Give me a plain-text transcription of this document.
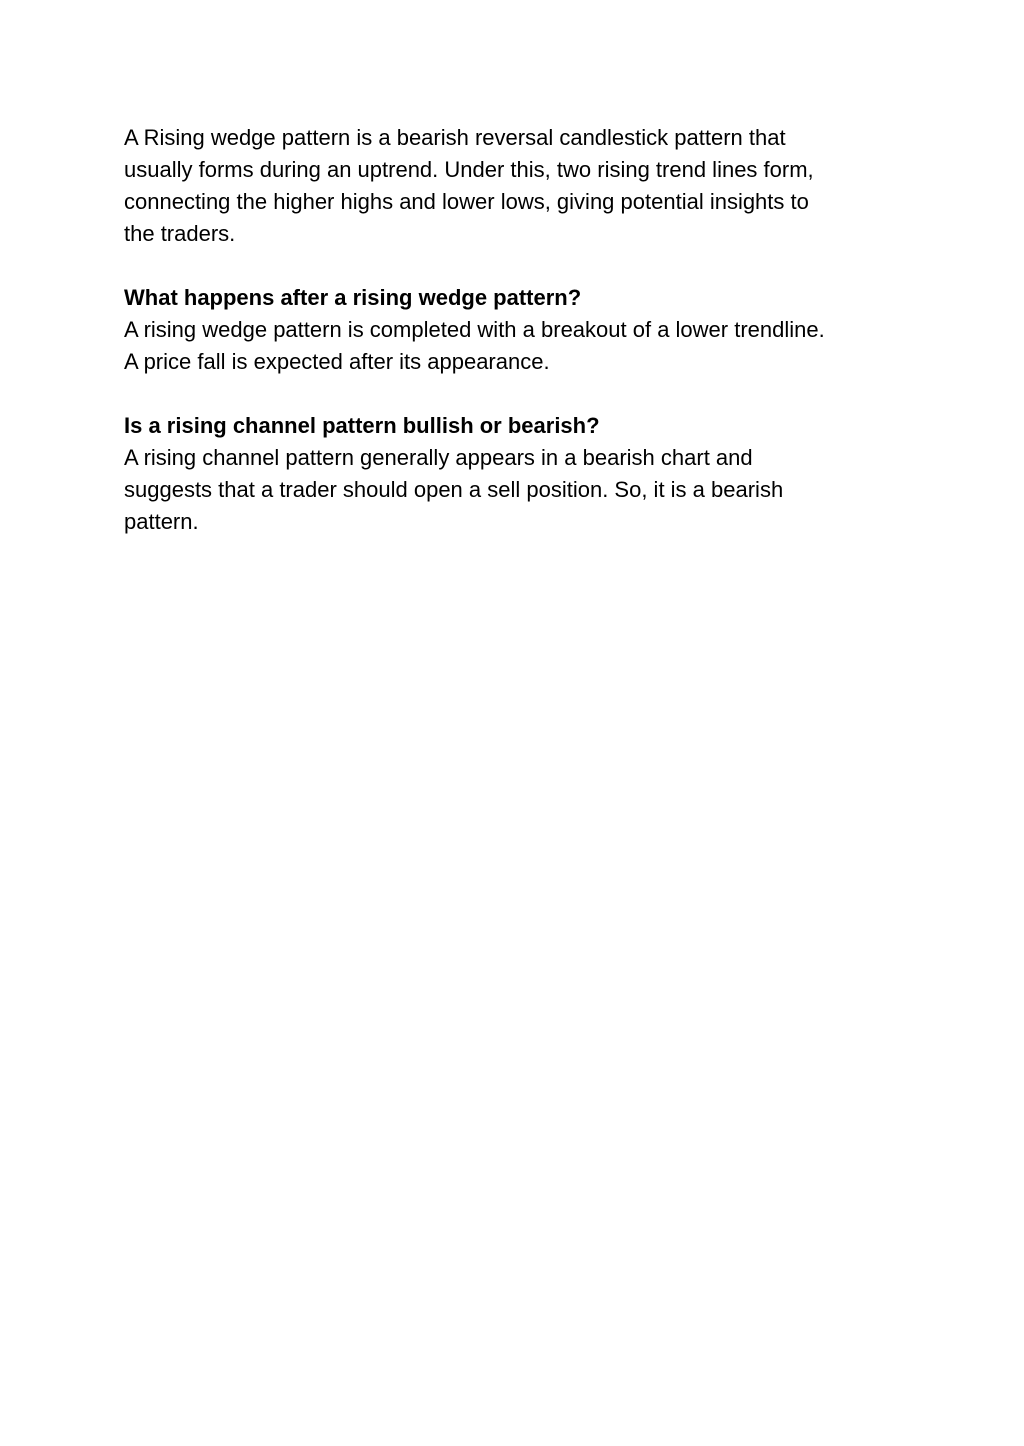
A Rising wedge pattern is a bearish reversal candlestick pattern that
usually forms during an uptrend. Under this, two rising trend lines form,
connecting the higher highs and lower lows, giving potential insights to
the traders.

What happens after a rising wedge pattern?

A rising wedge pattern is completed with a breakout of a lower trendline.
A price fall is expected after its appearance.

Is a rising channel pattern bullish or bearish?

A rising channel pattern generally appears in a bearish chart and
suggests that a trader should open a sell position. So, it is a bearish
pattern.
